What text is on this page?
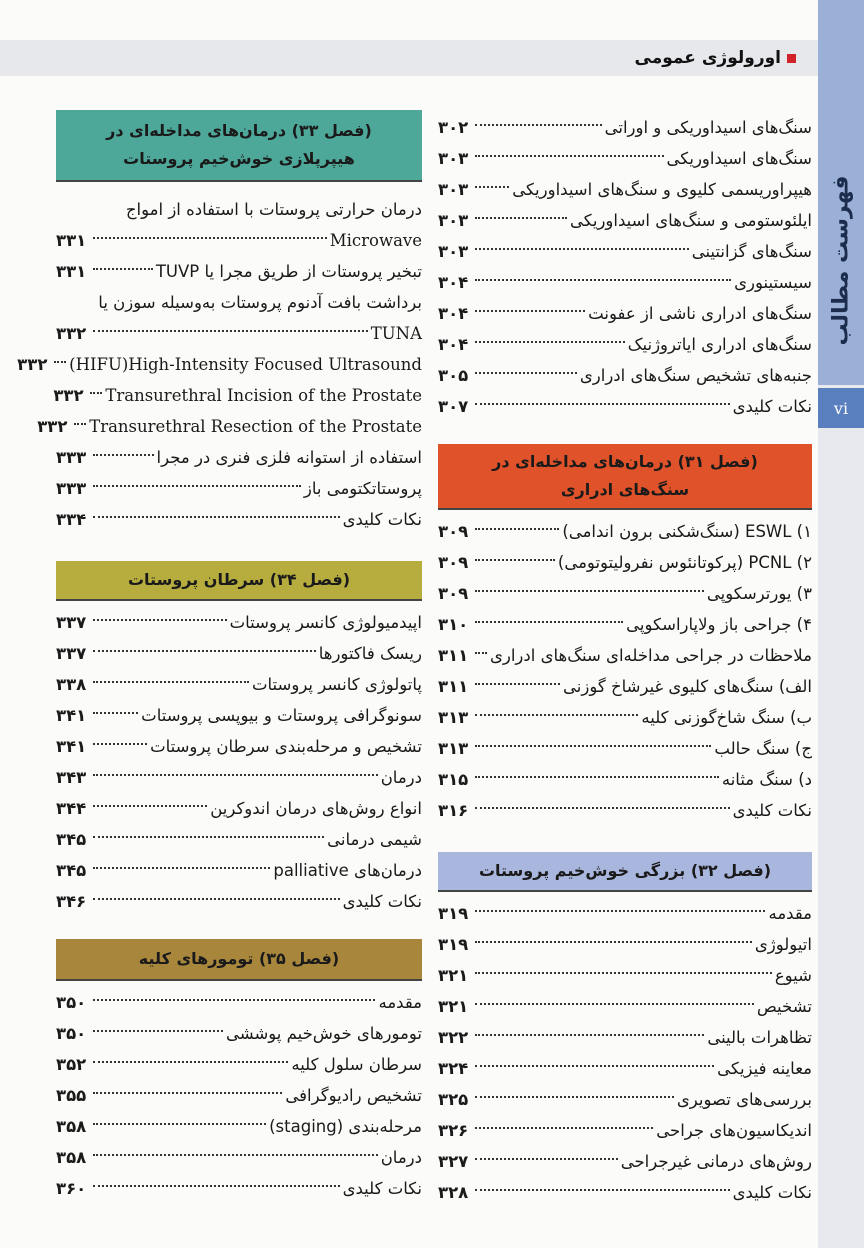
فهرست مطالب
vi
اورولوژی عمومی
سنگ‌های اسیداوریکی و اوراتی
۳۰۲
سنگ‌های اسیداوریکی
۳۰۳
هیپراوریسمی کلیوی و سنگ‌های اسیداوریکی
۳۰۳
ایلئوستومی و سنگ‌های اسیداوریکی
۳۰۳
سنگ‌های گزانتینی
۳۰۳
سیستینوری
۳۰۴
سنگ‌های ادراری ناشی از عفونت
۳۰۴
سنگ‌های ادراری ایاتروژنیک
۳۰۴
جنبه‌های تشخیص سنگ‌های ادراری
۳۰۵
نکات کلیدی
۳۰۷
(فصل ۳۱) درمان‌های مداخله‌ای در
سنگ‌های ادراری
۱) ESWL (سنگ‌شکنی برون اندامی)
۳۰۹
۲) PCNL (پرکوتانئوس نفرولیتوتومی)
۳۰۹
۳) یورترسکوپی
۳۰۹
۴) جراحی باز ولاپاراسکوپی
۳۱۰
ملاحظات در جراحی مداخله‌ای سنگ‌های ادراری
۳۱۱
الف) سنگ‌های کلیوی غیرشاخ گوزنی
۳۱۱
ب) سنگ شاخ‌گوزنی کلیه
۳۱۳
ج) سنگ حالب
۳۱۳
د) سنگ مثانه
۳۱۵
نکات کلیدی
۳۱۶
(فصل ۳۲) بزرگی خوش‌خیم پروستات
مقدمه
۳۱۹
اتیولوژی
۳۱۹
شیوع
۳۲۱
تشخیص
۳۲۱
تظاهرات بالینی
۳۲۲
معاینه فیزیکی
۳۲۴
بررسی‌های تصویری
۳۲۵
اندیکاسیون‌های جراحی
۳۲۶
روش‌های درمانی غیرجراحی
۳۲۷
نکات کلیدی
۳۲۸
(فصل ۳۳) درمان‌های مداخله‌ای در
هیپرپلازی خوش‌خیم پروستات
درمان حرارتی پروستات با استفاده از امواج
Microwave
۳۳۱
تبخیر پروستات از طریق مجرا یا TUVP
۳۳۱
برداشت بافت آدنوم پروستات به‌وسیله سوزن یا
TUNA
۳۳۲
(HIFU)High-Intensity Focused Ultrasound
۳۳۲
Transurethral Incision of the Prostate
۳۳۲
Transurethral Resection of the Prostate
۳۳۲
استفاده از استوانه فلزی فنری در مجرا
۳۳۳
پروستاتکتومی باز
۳۳۳
نکات کلیدی
۳۳۴
(فصل ۳۴) سرطان پروستات
اپیدمیولوژی کانسر پروستات
۳۳۷
ریسک فاکتورها
۳۳۷
پاتولوژی کانسر پروستات
۳۳۸
سونوگرافی پروستات و بیوپسی پروستات
۳۴۱
تشخیص و مرحله‌بندی سرطان پروستات
۳۴۱
درمان
۳۴۳
انواع روش‌های درمان اندوکرین
۳۴۴
شیمی درمانی
۳۴۵
درمان‌های palliative
۳۴۵
نکات کلیدی
۳۴۶
(فصل ۳۵) تومورهای کلیه
مقدمه
۳۵۰
تومورهای خوش‌خیم پوششی
۳۵۰
سرطان سلول کلیه
۳۵۲
تشخیص رادیوگرافی
۳۵۵
مرحله‌بندی (staging)
۳۵۸
درمان
۳۵۸
نکات کلیدی
۳۶۰
